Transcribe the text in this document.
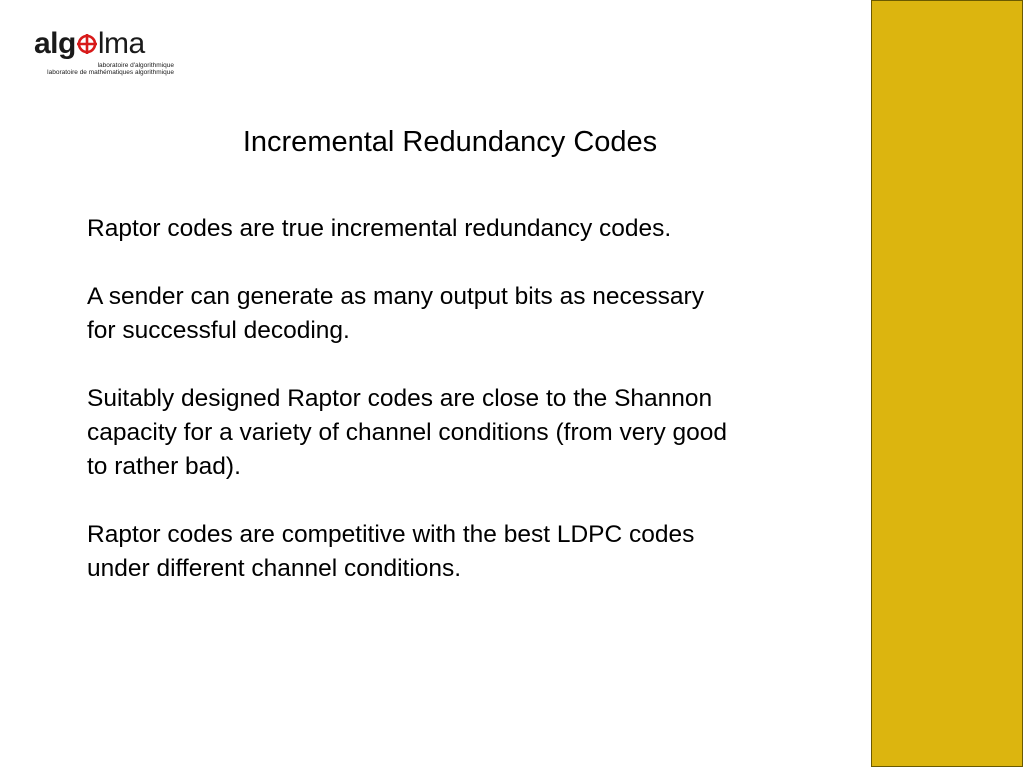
alg lma
laboratoire d'algorithmique
laboratoire de mathématiques algorithmique
Incremental Redundancy Codes

Raptor codes are true incremental redundancy codes.

A sender can generate as many output bits as necessary
for successful decoding.

Suitably designed Raptor codes are close to the Shannon
capacity for a variety of channel conditions (from very good
to rather bad).

Raptor codes are competitive with the best LDPC codes
under different channel conditions.
